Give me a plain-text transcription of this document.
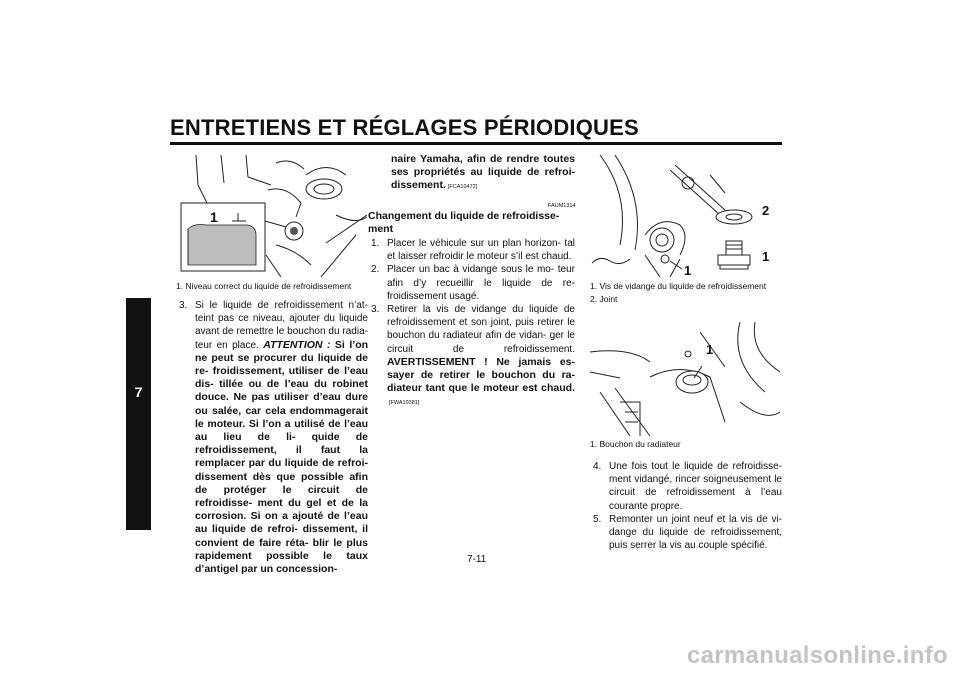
ENTRETIENS ET RÉGLAGES PÉRIODIQUES
7
1
1. Niveau correct du liquide de refroidissement

3. Si le liquide de refroidissement n’at- teint pas ce niveau, ajouter du liquide avant de remettre le bouchon du radia- teur en place. ATTENTION : Si l’on ne peut se procurer du liquide de re- froidissement, utiliser de l’eau dis- tillée ou de l’eau du robinet douce. Ne pas utiliser d’eau dure ou salée, car cela endommagerait le moteur. Si l’on a utilisé de l’eau au lieu de li- quide de refroidissement, il faut la remplacer par du liquide de refroi- dissement dès que possible afin de protéger le circuit de refroidisse- ment du gel et de la corrosion. Si on a ajouté de l’eau au liquide de refroi- dissement, il convient de faire réta- blir le plus rapidement possible le taux d’antigel par un concession-

naire Yamaha, afin de rendre toutes ses propriétés au liquide de refroi- dissement. [FCA10472]

FAUM1314
Changement du liquide de refroidisse- ment

1. Placer le véhicule sur un plan horizon- tal et laisser refroidir le moteur s’il est chaud.

2. Placer un bac à vidange sous le mo- teur afin d’y recueillir le liquide de re- froidissement usagé.

3. Retirer la vis de vidange du liquide de refroidissement et son joint, puis retirer le bouchon du radiateur afin de vidan- ger le circuit de refroidissement. AVERTISSEMENT ! Ne jamais es- sayer de retirer le bouchon du ra- diateur tant que le moteur est chaud.[FWA10381]

1
2
1
1. Vis de vidange du liquide de refroidissement
2. Joint
1
1. Bouchon du radiateur

4. Une fois tout le liquide de refroidisse- ment vidangé, rincer soigneusement le circuit de refroidissement à l’eau courante propre.

5. Remonter un joint neuf et la vis de vi- dange du liquide de refroidissement, puis serrer la vis au couple spécifié.

7-11
carmanualsonline.info
